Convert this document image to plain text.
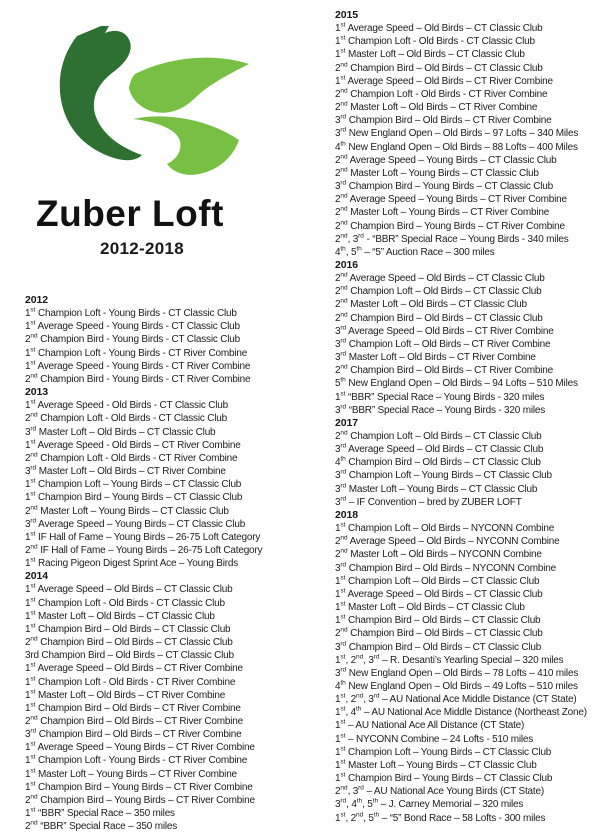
Zuber Loft
2012-2018
2012
1st Champion Loft - Young Birds - CT Classic Club
1st Average Speed - Young Birds - CT Classic Club
2nd Champion Bird - Young Birds - CT Classic Club
1st Champion Loft - Young Birds - CT River Combine
1st Average Speed - Young Birds - CT River Combine
2nd Champion Bird - Young Birds - CT River Combine
2013
1st Average Speed - Old Birds - CT Classic Club
2nd Champion Loft - Old Birds - CT Classic Club
3rd Master Loft – Old Birds – CT Classic Club
1st Average Speed - Old Birds – CT River Combine
2nd Champion Loft - Old Birds - CT River Combine
3rd Master Loft – Old Birds – CT River Combine
1st Champion Loft – Young Birds – CT Classic Club
1st Champion Bird – Young Birds – CT Classic Club
2nd Master Loft – Young Birds – CT Classic Club
3rd Average Speed – Young Birds – CT Classic Club
1st IF Hall of Fame – Young Birds – 26-75 Loft Category
2nd IF Hall of Fame – Young Birds – 26-75 Loft Category
1st Racing Pigeon Digest Sprint Ace – Young Birds
2014
1st Average Speed – Old Birds – CT Classic Club
1st Champion Loft - Old Birds - CT Classic Club
1st Master Loft – Old Birds – CT Classic Club
1st Champion Bird – Old Birds – CT Classic Club
2nd Champion Bird – Old Birds – CT Classic Club
3rd Champion Bird – Old Birds – CT Classic Club
1st Average Speed – Old Birds – CT River Combine
1st Champion Loft - Old Birds - CT River Combine
1st Master Loft – Old Birds – CT River Combine
1st Champion Bird – Old Birds – CT River Combine
2nd Champion Bird – Old Birds – CT River Combine
3rd Champion Bird – Old Birds – CT River Combine
1st Average Speed – Young Birds – CT River Combine
1st Champion Loft - Young Birds - CT River Combine
1st Master Loft – Young Birds – CT River Combine
1st Champion Bird – Young Birds – CT River Combine
2nd Champion Bird – Young Birds – CT River Combine
1st “BBR” Special Race – 350 miles
2nd “BBR” Special Race – 350 miles
2015
1st Average Speed – Old Birds – CT Classic Club
1st Champion Loft - Old Birds - CT Classic Club
1st Master Loft – Old Birds – CT Classic Club
2nd Champion Bird – Old Birds – CT Classic Club
1st Average Speed – Old Birds – CT River Combine
2nd Champion Loft - Old Birds - CT River Combine
2nd Master Loft – Old Birds – CT River Combine
3rd Champion Bird – Old Birds – CT River Combine
3rd New England Open – Old Birds – 97 Lofts – 340 Miles
4th New England Open – Old Birds – 88 Lofts – 400 Miles
2nd Average Speed – Young Birds – CT Classic Club
2nd Master Loft – Young Birds – CT Classic Club
3rd Champion Bird – Young Birds – CT Classic Club
2nd Average Speed – Young Birds – CT River Combine
2nd Master Loft – Young Birds – CT River Combine
2nd Champion Bird – Young Birds – CT River Combine
2nd, 3rd - “BBR” Special Race – Young Birds - 340 miles
4th, 5th – “5” Auction Race – 300 miles
2016
2nd Average Speed – Old Birds – CT Classic Club
2nd Champion Loft – Old Birds – CT Classic Club
2nd Master Loft – Old Birds – CT Classic Club
2nd Champion Bird – Old Birds – CT Classic Club
3rd Average Speed – Old Birds – CT River Combine
3rd Champion Loft – Old Birds – CT River Combine
3rd Master Loft – Old Birds – CT River Combine
2nd Champion Bird – Old Birds – CT River Combine
5th New England Open – Old Birds – 94 Lofts – 510 Miles
1st “BBR” Special Race – Young Birds - 320 miles
3rd “BBR” Special Race – Young Birds - 320 miles
2017
2nd Champion Loft – Old Birds – CT Classic Club
3rd Average Speed – Old Birds – CT Classic Club
4th Champion Bird – Old Birds – CT Classic Club
3rd Champion Loft – Young Birds – CT Classic Club
3rd Master Loft – Young Birds – CT Classic Club
3rd – IF Convention – bred by ZUBER LOFT
2018
1st Champion Loft – Old Birds – NYCONN Combine
2nd Average Speed – Old Birds – NYCONN Combine
2nd Master Loft – Old Birds – NYCONN Combine
3rd Champion Bird – Old Birds – NYCONN Combine
1st Champion Loft – Old Birds – CT Classic Club
1st Average Speed – Old Birds – CT Classic Club
1st Master Loft – Old Birds – CT Classic Club
1st Champion Bird – Old Birds – CT Classic Club
2nd Champion Bird – Old Birds – CT Classic Club
3rd Champion Bird – Old Birds – CT Classic Club
1st, 2nd, 3rd – R. Desanti’s Yearling Special – 320 miles
3rd New England Open – Old Birds – 78 Lofts – 410 miles
4th New England Open – Old Birds – 49 Lofts – 510 miles
1st, 2nd, 3rd – AU National Ace Middle Distance (CT State)
1st, 4th – AU National Ace Middle Distance (Northeast Zone)
1st – AU National Ace All Distance (CT State)
1st – NYCONN Combine – 24 Lofts - 510 miles
1st Champion Loft – Young Birds – CT Classic Club
1st Master Loft – Young Birds – CT Classic Club
1st Champion Bird – Young Birds – CT Classic Club
2nd, 3rd – AU National Ace Young Birds (CT State)
3rd, 4th, 5th – J. Carney Memorial – 320 miles
1st, 2nd, 5th – “5” Bond Race – 58 Lofts - 300 miles
